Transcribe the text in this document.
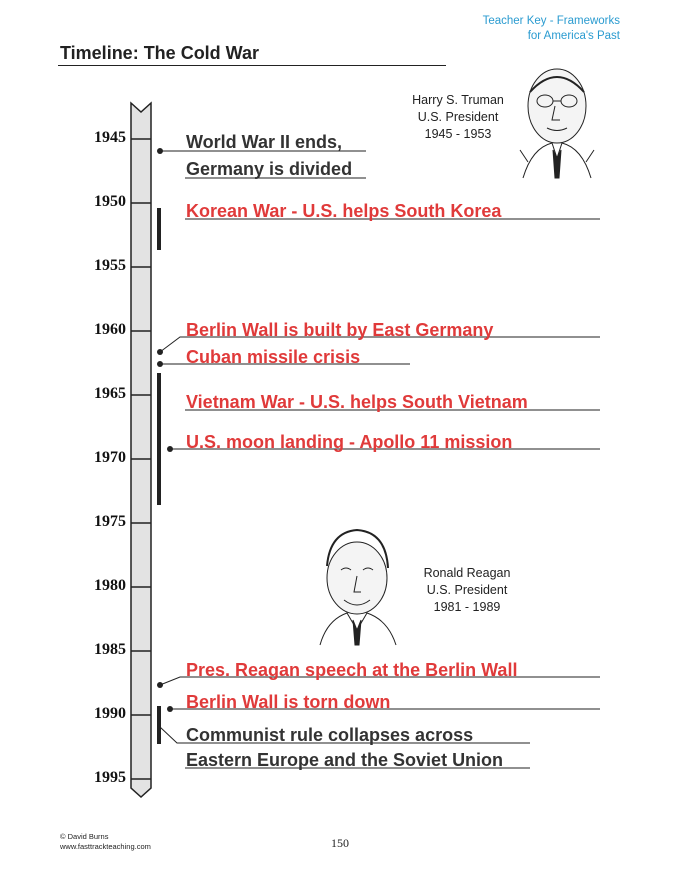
Teacher Key - Frameworks
for America's Past
Timeline: The Cold War
1945
1950
1955
1960
1965
1970
1975
1980
1985
1990
1995
World War II ends,
Germany is divided
Korean War - U.S. helps South Korea
Berlin Wall is built by East Germany
Cuban missile crisis
Vietnam War - U.S. helps South Vietnam
U.S. moon landing - Apollo 11 mission
Pres. Reagan speech at the Berlin Wall
Berlin Wall is torn down
Communist rule collapses across
Eastern Europe and the Soviet Union
Harry S. Truman
U.S. President
1945 - 1953
Ronald Reagan
U.S. President
1981 - 1989
© David Burns
www.fasttrackteaching.com	150
